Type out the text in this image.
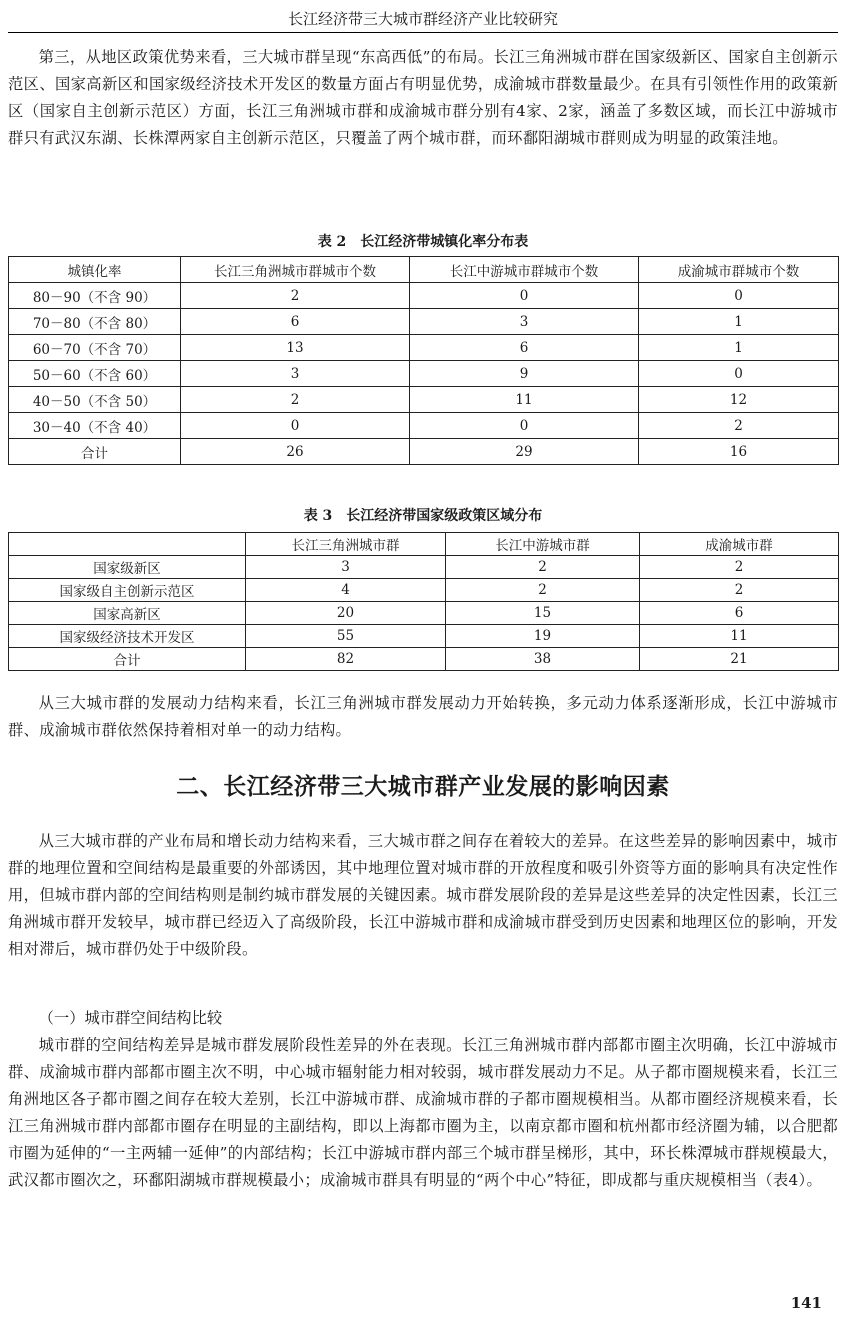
长江经济带三大城市群经济产业比较研究

第三，从地区政策优势来看，三大城市群呈现“东高西低”的布局。长江三角洲城市群在国家级新区、国家自主创新示范区、国家高新区和国家级经济技术开发区的数量方面占有明显优势，成渝城市群数量最少。在具有引领性作用的政策新区（国家自主创新示范区）方面，长江三角洲城市群和成渝城市群分别有4家、2家，涵盖了多数区域，而长江中游城市群只有武汉东湖、长株潭两家自主创新示范区，只覆盖了两个城市群，而环鄱阳湖城市群则成为明显的政策洼地。

表 2　长江经济带城镇化率分布表
城镇化率	长江三角洲城市群城市个数	长江中游城市群城市个数	成渝城市群城市个数
80－90（不含 90）	2	0	0
70－80（不含 80）	6	3	1
60－70（不含 70）	13	6	1
50－60（不含 60）	3	9	0
40－50（不含 50）	2	11	12
30－40（不含 40）	0	0	2
合计	26	29	16
表 3　长江经济带国家级政策区域分布
	长江三角洲城市群	长江中游城市群	成渝城市群
国家级新区	3	2	2
国家级自主创新示范区	4	2	2
国家高新区	20	15	6
国家级经济技术开发区	55	19	11
合计	82	38	21

从三大城市群的发展动力结构来看，长江三角洲城市群发展动力开始转换，多元动力体系逐渐形成，长江中游城市群、成渝城市群依然保持着相对单一的动力结构。

二、长江经济带三大城市群产业发展的影响因素

从三大城市群的产业布局和增长动力结构来看，三大城市群之间存在着较大的差异。在这些差异的影响因素中，城市群的地理位置和空间结构是最重要的外部诱因，其中地理位置对城市群的开放程度和吸引外资等方面的影响具有决定性作用，但城市群内部的空间结构则是制约城市群发展的关键因素。城市群发展阶段的差异是这些差异的决定性因素，长江三角洲城市群开发较早，城市群已经迈入了高级阶段，长江中游城市群和成渝城市群受到历史因素和地理区位的影响，开发相对滞后，城市群仍处于中级阶段。

（一）城市群空间结构比较

城市群的空间结构差异是城市群发展阶段性差异的外在表现。长江三角洲城市群内部都市圈主次明确，长江中游城市群、成渝城市群内部都市圈主次不明，中心城市辐射能力相对较弱，城市群发展动力不足。从子都市圈规模来看，长江三角洲地区各子都市圈之间存在较大差别，长江中游城市群、成渝城市群的子都市圈规模相当。从都市圈经济规模来看，长江三角洲城市群内部都市圈存在明显的主副结构，即以上海都市圈为主，以南京都市圈和杭州都市经济圈为辅，以合肥都市圈为延伸的“一主两辅一延伸”的内部结构；长江中游城市群内部三个城市群呈梯形，其中，环长株潭城市群规模最大，武汉都市圈次之，环鄱阳湖城市群规模最小；成渝城市群具有明显的“两个中心”特征，即成都与重庆规模相当（表4）。

141
